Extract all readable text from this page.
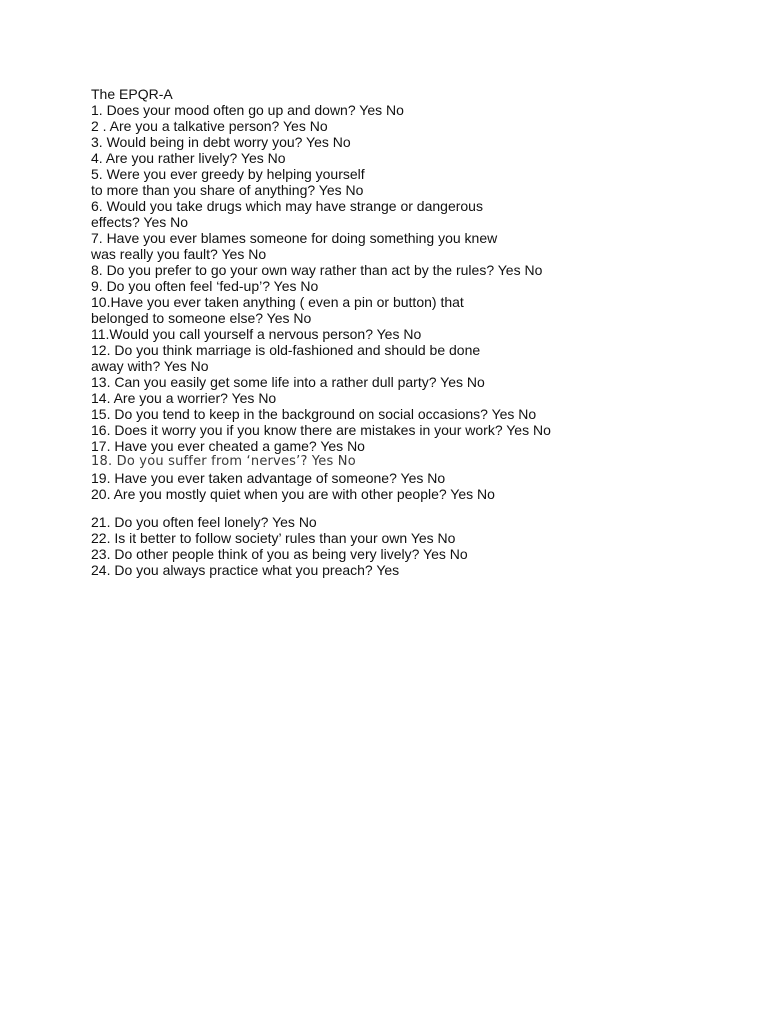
The EPQR-A
1. Does your mood often go up and down? Yes No
2 . Are you a talkative person? Yes No
3. Would being in debt worry you? Yes No
4. Are you rather lively? Yes No
5. Were you ever greedy by helping yourself
to more than you share of anything? Yes No
6. Would you take drugs which may have strange or dangerous
effects? Yes No
7. Have you ever blames someone for doing something you knew
was really you fault? Yes No
8. Do you prefer to go your own way rather than act by the rules? Yes No
9. Do you often feel ‘fed-up’? Yes No
10.Have you ever taken anything ( even a pin or button) that
belonged to someone else? Yes No
11.Would you call yourself a nervous person? Yes No
12. Do you think marriage is old-fashioned and should be done
away with? Yes No
13. Can you easily get some life into a rather dull party? Yes No
14. Are you a worrier? Yes No
15. Do you tend to keep in the background on social occasions? Yes No
16. Does it worry you if you know there are mistakes in your work? Yes No
17. Have you ever cheated a game? Yes No
18. Do you suffer from ‘nerves’? Yes No
19. Have you ever taken advantage of someone? Yes No
20. Are you mostly quiet when you are with other people? Yes No
21. Do you often feel lonely? Yes No
22. Is it better to follow society’ rules than your own Yes No
23. Do other people think of you as being very lively? Yes No
24. Do you always practice what you preach? Yes
